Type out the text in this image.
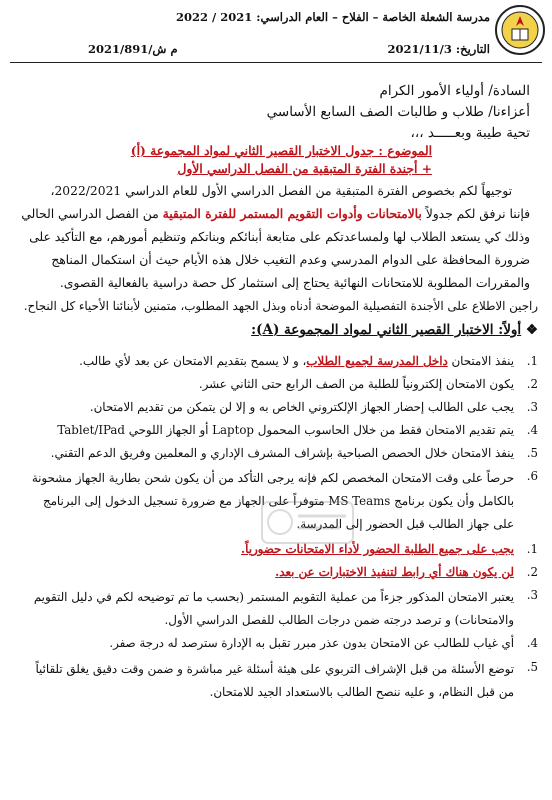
مدرسة الشعلة الخاصة – الفلاح – العام الدراسي: 2021 / 2022
التاريخ: 2021/11/3
م ش/2021/891
السادة/ أولياء الأمور الكرام
أعزاءنا/ طلاب و طالبات الصف السابع الأساسي
تحية طيبة وبعـــــد ،،،
الموضوع : جدول الاختبار القصير الثاني لمواد المجموعة (أ)
+ أجندة الفترة المتبقية من الفصل الدراسي الأول
توجيهاً لكم بخصوص الفترة المتبقية من الفصل الدراسي الأول للعام الدراسي 2022/2021،
فإننا نرفق لكم جدولاً بالامتحانات وأدوات التقويم المستمر للفترة المتبقية من الفصل الدراسي الحالي
وذلك كي يستعد الطلاب لها ولمساعدتكم على متابعة أبنائكم وبناتكم وتنظيم أمورهم، مع التأكيد على
ضرورة المحافظة على الدوام المدرسي وعدم التغيب خلال هذه الأيام حيث أن استكمال المناهج
والمقررات المطلوبة للامتحانات النهائية يحتاج إلى استثمار كل حصة دراسية بالفعالية القصوى.
راجين الاطلاع على الأجندة التفصيلية الموضحة أدناه وبذل الجهد المطلوب، متمنين لأبنائنا الأحياء كل النجاح.
❖ أولاً: الاختبار القصير الثاني لمواد المجموعة (A):
1.
ينفذ الامتحان داخل المدرسة لجميع الطلاب، و لا يسمح بتقديم الامتحان عن بعد لأي طالب.
2.
يكون الامتحان إلكترونياً للطلبة من الصف الرابع حتى الثاني عشر.
3.
يجب على الطالب إحضار الجهاز الإلكتروني الخاص به و إلا لن يتمكن من تقديم الامتحان.
4.
يتم تقديم الامتحان فقط من خلال الحاسوب المحمول Laptop أو الجهاز اللوحي Tablet/IPad
5.
ينفذ الامتحان خلال الحصص الصباحية بإشراف المشرف الإداري و المعلمين وفريق الدعم التقني.
6.
حرصاً على وقت الامتحان المخصص لكم فإنه يرجى التأكد من أن يكون شحن بطارية الجهاز مشحونة
بالكامل وأن يكون برنامج MS Teams متوفراً على الجهاز مع ضرورة تسجيل الدخول إلى البرنامج
على جهاز الطالب قبل الحضور إلى المدرسة.
1.
يجب على جميع الطلبة الحضور لأداء الامتحانات حضورياً.
2.
لن يكون هناك أي رابط لتنفيذ الاختبارات عن بعد.
3.
يعتبر الامتحان المذكور جزءاً من عملية التقويم المستمر (بحسب ما تم توضيحه لكم في دليل التقويم
والامتحانات) و ترصد درجته ضمن درجات الطالب للفصل الدراسي الأول.
4.
أي غياب للطالب عن الامتحان بدون عذر مبرر تقبل به الإدارة سترصد له درجة صفر.
5.
توضع الأسئلة من قبل الإشراف التربوي على هيئة أسئلة غير مباشرة و ضمن وقت دقيق يغلق تلقائياً
من قبل النظام، و عليه ننصح الطالب بالاستعداد الجيد للامتحان.
